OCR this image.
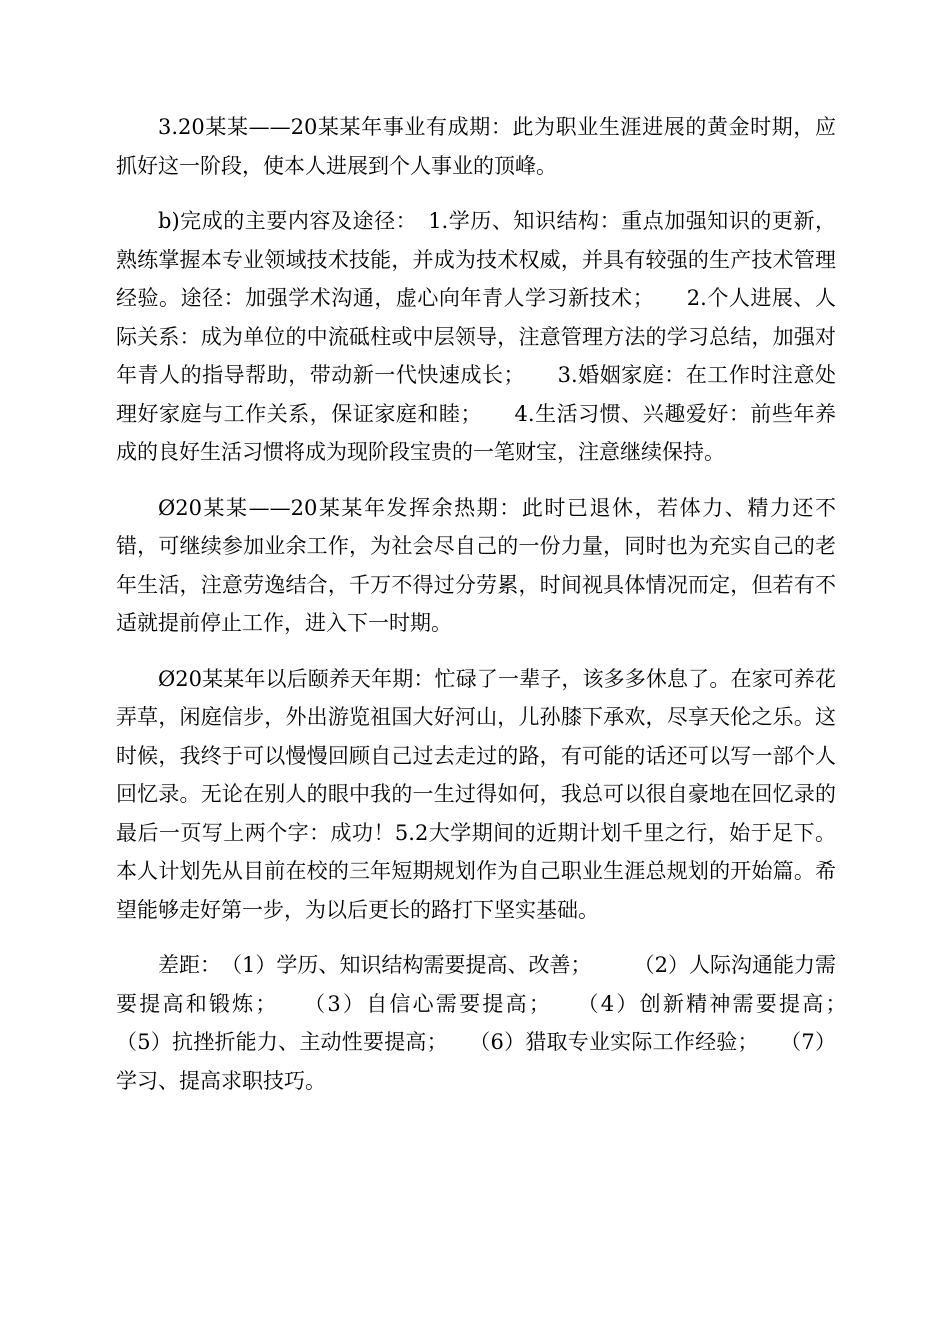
3.20某某——20某某年事业有成期：此为职业生涯进展的黄金时期，应抓好这一阶段，使本人进展到个人事业的顶峰。

b)完成的主要内容及途径：　1.学历、知识结构：重点加强知识的更新，熟练掌握本专业领域技术技能，并成为技术权威，并具有较强的生产技术管理经验。途径：加强学术沟通，虚心向年青人学习新技术；　　2.个人进展、人际关系：成为单位的中流砥柱或中层领导，注意管理方法的学习总结，加强对年青人的指导帮助，带动新一代快速成长；　　3.婚姻家庭：在工作时注意处理好家庭与工作关系，保证家庭和睦；　　4.生活习惯、兴趣爱好：前些年养成的良好生活习惯将成为现阶段宝贵的一笔财宝，注意继续保持。

Ø20某某——20某某年发挥余热期：此时已退休，若体力、精力还不错，可继续参加业余工作，为社会尽自己的一份力量，同时也为充实自己的老年生活，注意劳逸结合，千万不得过分劳累，时间视具体情况而定，但若有不适就提前停止工作，进入下一时期。

Ø20某某年以后颐养天年期：忙碌了一辈子，该多多休息了。在家可养花弄草，闲庭信步，外出游览祖国大好河山，儿孙膝下承欢，尽享天伦之乐。这时候，我终于可以慢慢回顾自己过去走过的路，有可能的话还可以写一部个人回忆录。无论在别人的眼中我的一生过得如何，我总可以很自豪地在回忆录的最后一页写上两个字：成功！5.2大学期间的近期计划千里之行，始于足下。本人计划先从目前在校的三年短期规划作为自己职业生涯总规划的开始篇。希望能够走好第一步，为以后更长的路打下坚实基础。

差距：　（1）学历、知识结构需要提高、改善；　　　（2）人际沟通能力需要提高和锻炼；　　（3）自信心需要提高；　　（4）创新精神需要提高；　　（5）抗挫折能力、主动性要提高；　　（6）猎取专业实际工作经验；　　（7）学习、提高求职技巧。
